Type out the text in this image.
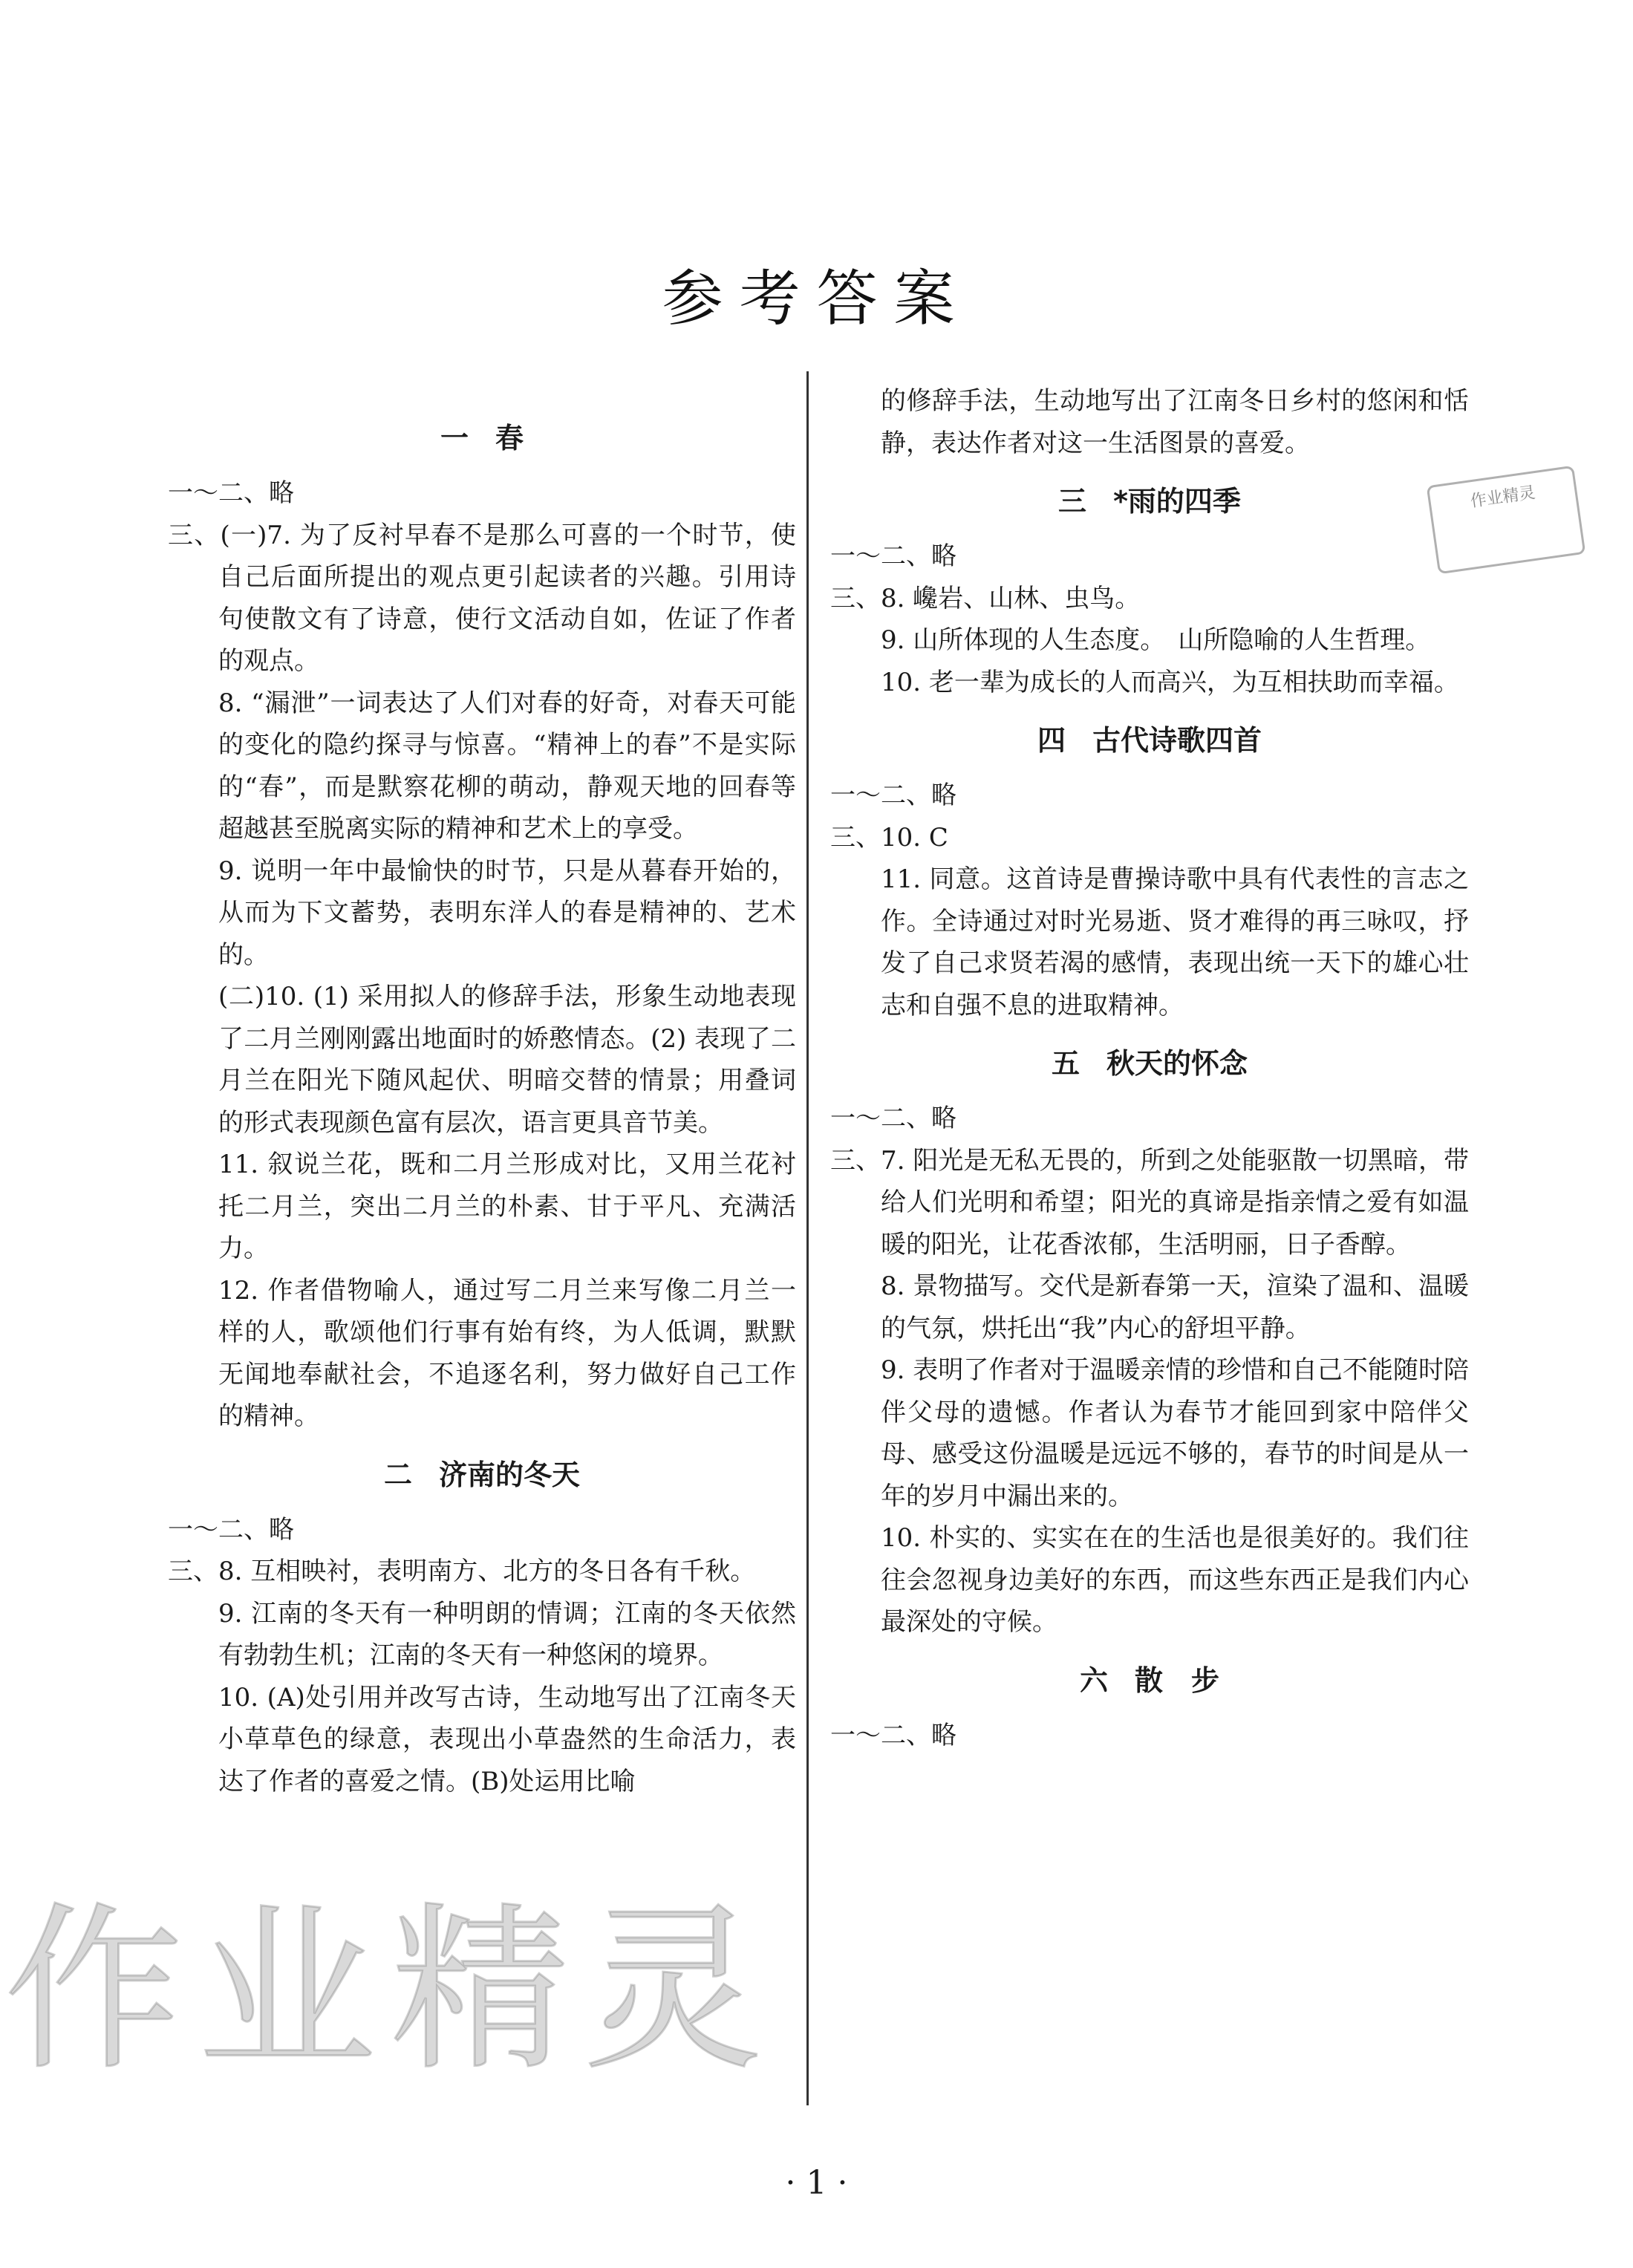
参考答案
一 春

一～二、略

三、(一)7. 为了反衬早春不是那么可喜的一个时节，使自己后面所提出的观点更引起读者的兴趣。引用诗句使散文有了诗意，使行文活动自如，佐证了作者的观点。

8. “漏泄”一词表达了人们对春的好奇，对春天可能的变化的隐约探寻与惊喜。“精神上的春”不是实际的“春”，而是默察花柳的萌动，静观天地的回春等超越甚至脱离实际的精神和艺术上的享受。

9. 说明一年中最愉快的时节，只是从暮春开始的，从而为下文蓄势，表明东洋人的春是精神的、艺术的。

(二)10. (1) 采用拟人的修辞手法，形象生动地表现了二月兰刚刚露出地面时的娇憨情态。(2) 表现了二月兰在阳光下随风起伏、明暗交替的情景；用叠词的形式表现颜色富有层次，语言更具音节美。

11. 叙说兰花，既和二月兰形成对比，又用兰花衬托二月兰，突出二月兰的朴素、甘于平凡、充满活力。

12. 作者借物喻人，通过写二月兰来写像二月兰一样的人，歌颂他们行事有始有终，为人低调，默默无闻地奉献社会，不追逐名利，努力做好自己工作的精神。

二 济南的冬天

一～二、略

三、8. 互相映衬，表明南方、北方的冬日各有千秋。

9. 江南的冬天有一种明朗的情调；江南的冬天依然有勃勃生机；江南的冬天有一种悠闲的境界。

10. (A)处引用并改写古诗，生动地写出了江南冬天小草草色的绿意，表现出小草盎然的生命活力，表达了作者的喜爱之情。(B)处运用比喻

的修辞手法，生动地写出了江南冬日乡村的悠闲和恬静，表达作者对这一生活图景的喜爱。

三 *雨的四季

一～二、略

三、8. 巉岩、山林、虫鸟。

9. 山所体现的人生态度。　山所隐喻的人生哲理。

10. 老一辈为成长的人而高兴，为互相扶助而幸福。

四 古代诗歌四首

一～二、略

三、10. C

11. 同意。这首诗是曹操诗歌中具有代表性的言志之作。全诗通过对时光易逝、贤才难得的再三咏叹，抒发了自己求贤若渴的感情，表现出统一天下的雄心壮志和自强不息的进取精神。

五 秋天的怀念

一～二、略

三、7. 阳光是无私无畏的，所到之处能驱散一切黑暗，带给人们光明和希望；阳光的真谛是指亲情之爱有如温暖的阳光，让花香浓郁，生活明丽，日子香醇。

8. 景物描写。交代是新春第一天，渲染了温和、温暖的气氛，烘托出“我”内心的舒坦平静。

9. 表明了作者对于温暖亲情的珍惜和自己不能随时陪伴父母的遗憾。作者认为春节才能回到家中陪伴父母、感受这份温暖是远远不够的，春节的时间是从一年的岁月中漏出来的。

10. 朴实的、实实在在的生活也是很美好的。我们往往会忽视身边美好的东西，而这些东西正是我们内心最深处的守候。

六 散　步

一～二、略

作业精灵
作业精灵
· 1 ·
